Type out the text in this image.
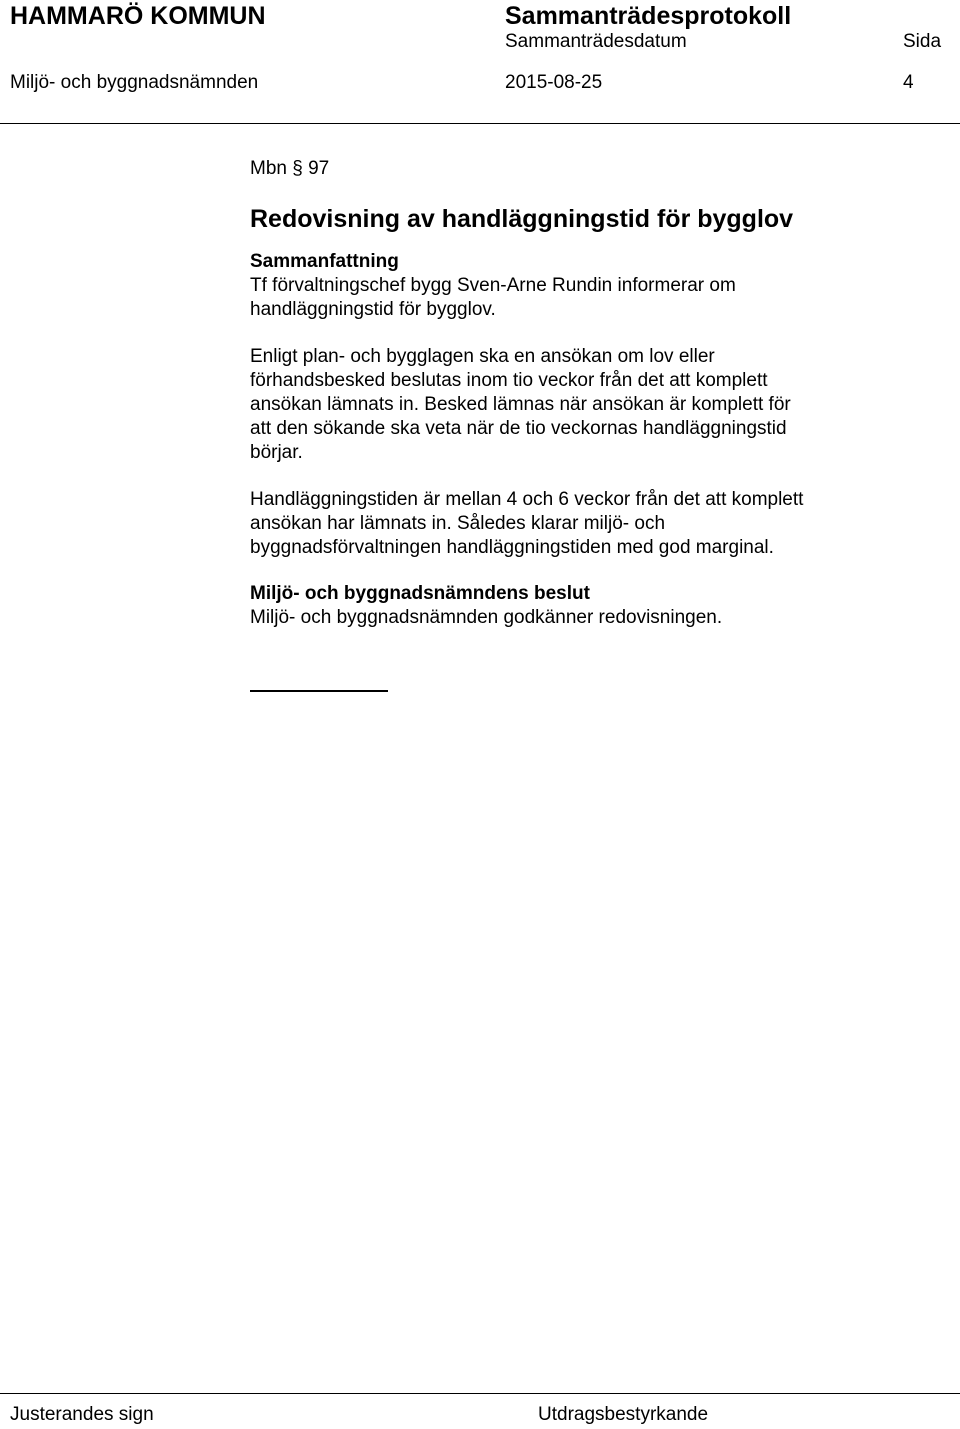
HAMMARÖ KOMMUN	Sammanträdesprotokoll
Sammanträdesdatum	Sida
Miljö- och byggnadsnämnden	2015-08-25	4

Mbn § 97

Redovisning av handläggningstid för bygglov

Sammanfattning

Tf förvaltningschef bygg Sven-Arne Rundin informerar om
handläggningstid för bygglov.

Enligt plan- och bygglagen ska en ansökan om lov eller
förhandsbesked beslutas inom tio veckor från det att komplett
ansökan lämnats in. Besked lämnas när ansökan är komplett för
att den sökande ska veta när de tio veckornas handläggningstid
börjar.

Handläggningstiden är mellan 4 och 6 veckor från det att komplett
ansökan har lämnats in. Således klarar miljö- och
byggnadsförvaltningen handläggningstiden med god marginal.

Miljö- och byggnadsnämndens beslut

Miljö- och byggnadsnämnden godkänner redovisningen.

Justerandes sign	Utdragsbestyrkande
